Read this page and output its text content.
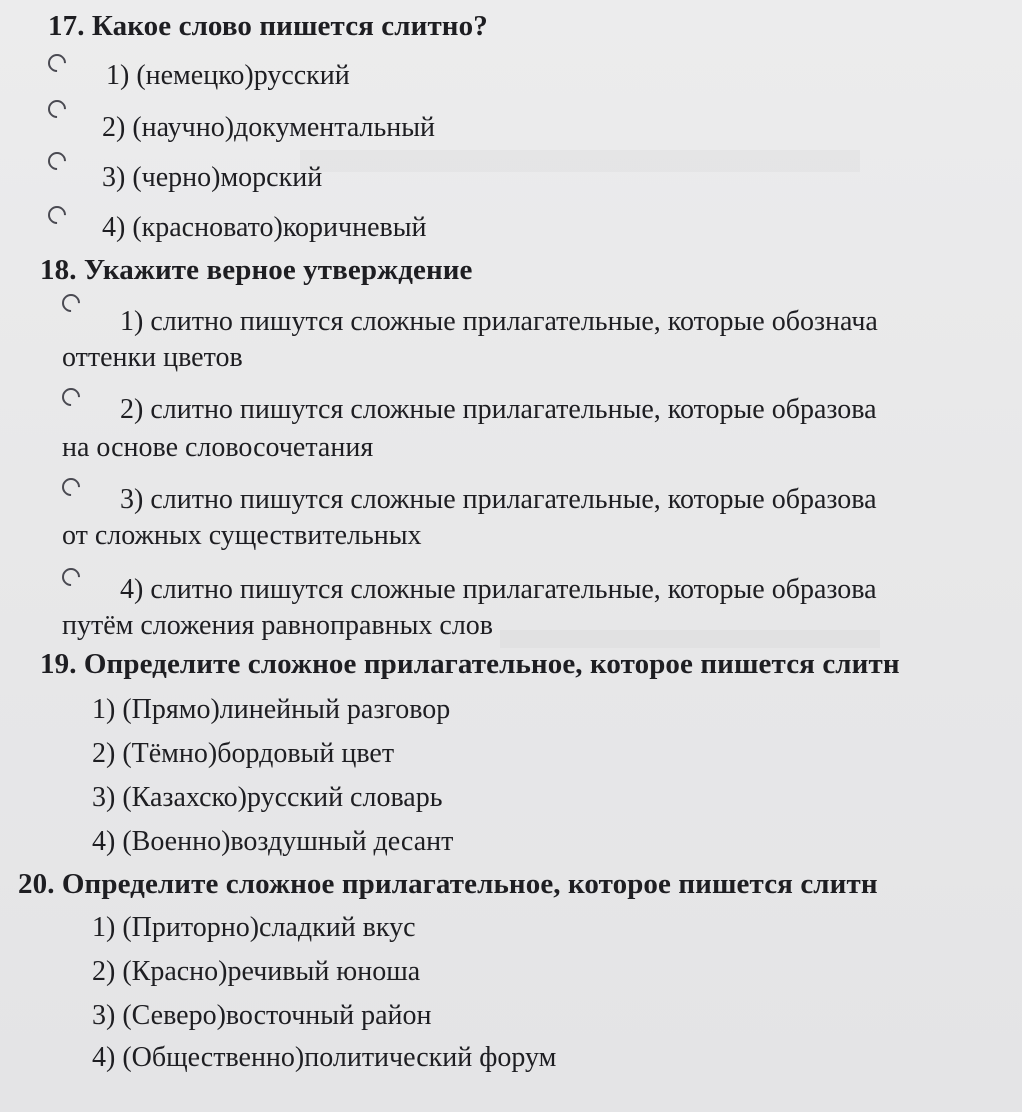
17. Какое слово пишется слитно?
1) (немецко)русский
2) (научно)документальный
3) (черно)морский
4) (красновато)коричневый
18. Укажите верное утверждение
1) слитно пишутся сложные прилагательные, которые обознача
оттенки цветов
2) слитно пишутся сложные прилагательные, которые образова
на основе словосочетания
3) слитно пишутся сложные прилагательные, которые образова
от сложных существительных
4) слитно пишутся сложные прилагательные, которые образова
путём сложения равноправных слов
19. Определите сложное прилагательное, которое пишется слитн
1) (Прямо)линейный разговор
2) (Тёмно)бордовый цвет
3) (Казахско)русский словарь
4) (Военно)воздушный десант
20. Определите сложное прилагательное, которое пишется слитн
1) (Приторно)сладкий вкус
2) (Красно)речивый юноша
3) (Северо)восточный район
4) (Общественно)политический форум
